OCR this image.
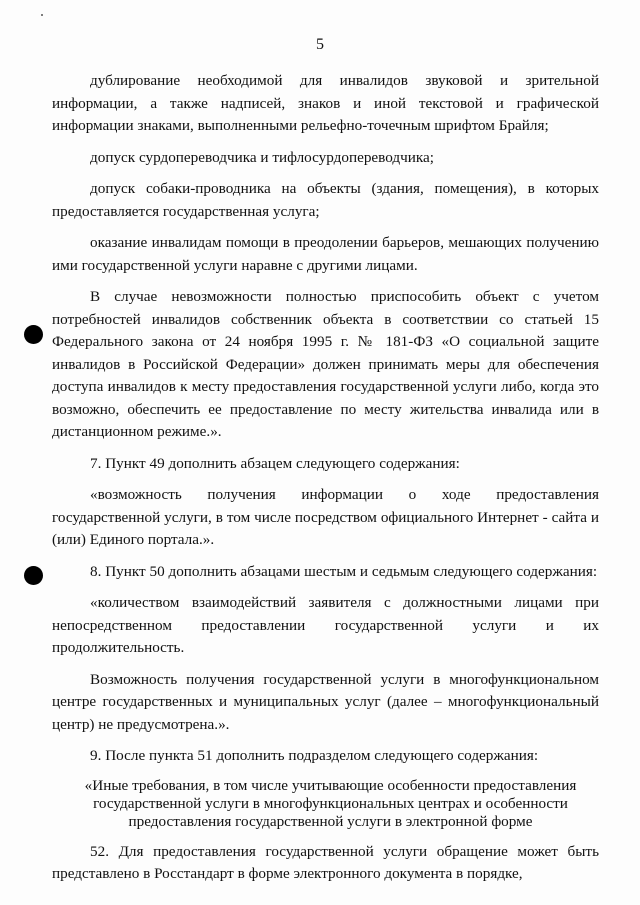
5

дублирование необходимой для инвалидов звуковой и зрительной информации, а также надписей, знаков и иной текстовой и графической информации знаками, выполненными рельефно-точечным шрифтом Брайля;

допуск сурдопереводчика и тифлосурдопереводчика;

допуск собаки-проводника на объекты (здания, помещения), в которых предоставляется государственная услуга;

оказание инвалидам помощи в преодолении барьеров, мешающих получению ими государственной услуги наравне с другими лицами.

В случае невозможности полностью приспособить объект с учетом потребностей инвалидов собственник объекта в соответствии со статьей 15 Федерального закона от 24 ноября 1995 г. № 181-ФЗ «О социальной защите инвалидов в Российской Федерации» должен принимать меры для обеспечения доступа инвалидов к месту предоставления государственной услуги либо, когда это возможно, обеспечить ее предоставление по месту жительства инвалида или в дистанционном режиме.».

7. Пункт 49 дополнить абзацем следующего содержания:

«возможность получения информации о ходе предоставления государственной услуги, в том числе посредством официального Интернет - сайта и (или) Единого портала.».

8. Пункт 50 дополнить абзацами шестым и седьмым следующего содержания:

«количеством взаимодействий заявителя с должностными лицами при непосредственном предоставлении государственной услуги и их продолжительность.

Возможность получения государственной услуги в многофункциональном центре государственных и муниципальных услуг (далее – многофункциональный центр) не предусмотрена.».

9. После пункта 51 дополнить подразделом следующего содержания:

«Иные требования, в том числе учитывающие особенности предоставления
государственной услуги в многофункциональных центрах и особенности
предоставления государственной услуги в электронной форме

52. Для предоставления государственной услуги обращение может быть представлено в Росстандарт в форме электронного документа в порядке,
